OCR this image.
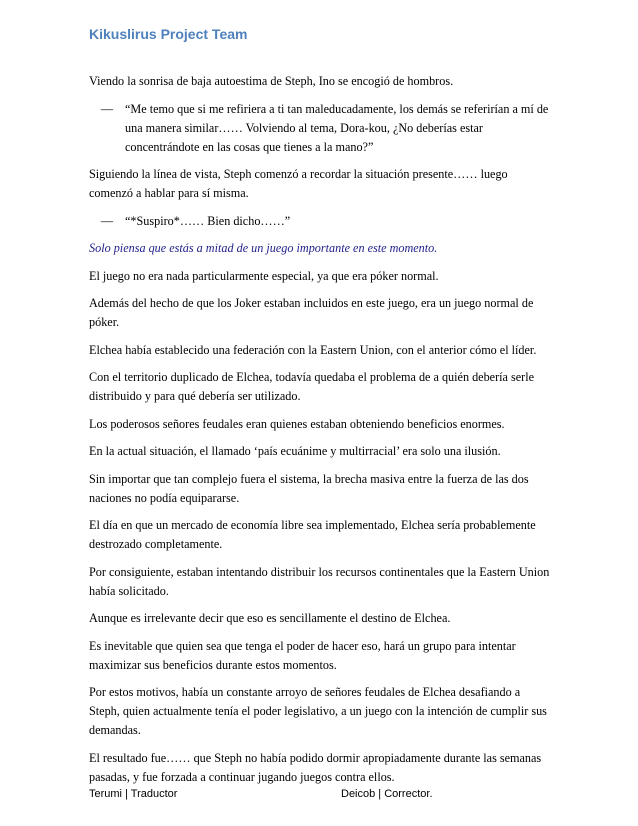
Kikuslirus Project Team

Viendo la sonrisa de baja autoestima de Steph, Ino se encogió de hombros.

— “Me temo que si me refiriera a ti tan maleducadamente, los demás se referirían a mí de una manera similar…… Volviendo al tema, Dora-kou, ¿No deberías estar concentrándote en las cosas que tienes a la mano?”

Siguiendo la línea de vista, Steph comenzó a recordar la situación presente…… luego comenzó a hablar para sí misma.

— “*Suspiro*…… Bien dicho……”

Solo piensa que estás a mitad de un juego importante en este momento.

El juego no era nada particularmente especial, ya que era póker normal.

Además del hecho de que los Joker estaban incluidos en este juego, era un juego normal de póker.

Elchea había establecido una federación con la Eastern Union, con el anterior cómo el líder.

Con el territorio duplicado de Elchea, todavía quedaba el problema de a quién debería serle distribuido y para qué debería ser utilizado.

Los poderosos señores feudales eran quienes estaban obteniendo beneficios enormes.

En la actual situación, el llamado ‘país ecuánime y multirracial’ era solo una ilusión.

Sin importar que tan complejo fuera el sistema, la brecha masiva entre la fuerza de las dos naciones no podía equipararse.

El día en que un mercado de economía libre sea implementado, Elchea sería probablemente destrozado completamente.

Por consiguiente, estaban intentando distribuir los recursos continentales que la Eastern Union había solicitado.

Aunque es irrelevante decir que eso es sencillamente el destino de Elchea.

Es inevitable que quien sea que tenga el poder de hacer eso, hará un grupo para intentar maximizar sus beneficios durante estos momentos.

Por estos motivos, había un constante arroyo de señores feudales de Elchea desafiando a Steph, quien actualmente tenía el poder legislativo, a un juego con la intención de cumplir sus demandas.

El resultado fue…… que Steph no había podido dormir apropiadamente durante las semanas pasadas, y fue forzada a continuar jugando juegos contra ellos.

Terumi | Traductor	Deicob | Corrector.
